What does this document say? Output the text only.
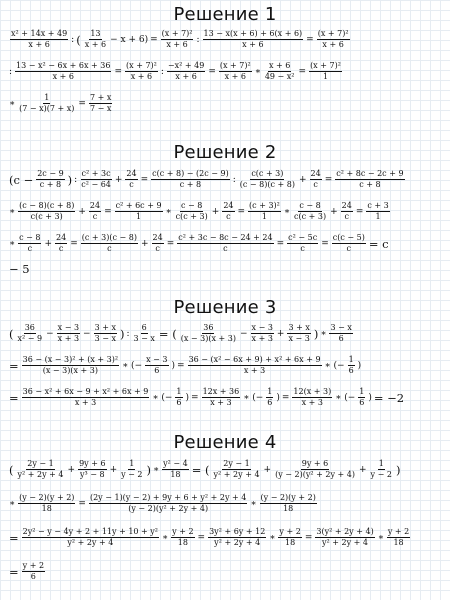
Решение 1
$\frac{\text{x² + 14x + 49}}{x + 6}$ : ( $\frac{13}{x + 6} - x + 6) = \frac{\text{(x + 7)²}}{x + 6}$ : $\frac{13 - x(x + 6) + 6(x + 6)}{x + 6} = \frac{\text{(x + 7)²}}{x + 6}$
: $\frac{\text{13 − x² − 6x + 6x + 36}}{x + 6} = \frac{\text{(x + 7)²}}{x + 6}$ : $\frac{\text{−x² + 49}}{x + 6} = \frac{\text{(x + 7)²}}{x + 6}$ ∗ $\frac{x + 6}{\text{49 − x²}} = \frac{\text{(x + 7)²}}{1}$
∗ $\frac{1}{(7 - x)(7 + x)} = \frac{7 + x}{7 - x}$
Решение 2
($c - \frac{2c - 9}{c + 8}$ ) : $\frac{\text{c² + 3c}}{\text{c² − 64}} + \frac{24}{c} = \frac{c(c + 8) - (2c - 9)}{c + 8}$ : $\frac{c(c + 3)}{(c - 8)(c + 8)} + \frac{24}{c} = \frac{\text{c² + 8c − 2c + 9}}{c + 8}$
∗ $\frac{(c - 8)(c + 8)}{c(c + 3)} + \frac{24}{c} = \frac{\text{c² + 6c + 9}}{1}$ ∗ $\frac{c - 8}{c(c + 3)} + \frac{24}{c} = \frac{\text{(c + 3)²}}{1}$ ∗ $\frac{c - 8}{c(c + 3)} + \frac{24}{c} = \frac{c + 3}{1}$
∗ $\frac{c - 8}{c} + \frac{24}{c} = \frac{(c + 3)(c - 8)}{c} + \frac{24}{c} = \frac{\text{c² + 3c − 8c − 24 + 24}}{c} = \frac{\text{c² − 5c}}{c} = \frac{c(c - 5)}{c} = c$
− 5
Решение 3
( $\frac{36}{\text{x² − 9}} - \frac{x - 3}{x + 3} - \frac{3 + x}{3 - x}$ ) : $\frac{6}{3 - x}$ = ( $\frac{36}{(x - 3)(x + 3)} - \frac{x - 3}{x + 3} + \frac{3 + x}{x - 3}$ ) ∗ $\frac{3 - x}{6}$
= $\frac{\text{36 − (x − 3)² + (x + 3)²}}{(x - 3)(x + 3)}$ ∗ (− $\frac{x - 3}{6}$ ) = $\frac{\text{36 − (x² − 6x + 9) + x² + 6x + 9}}{x + 3}$ ∗ (− $\frac{1}{6}$ )
= $\frac{\text{36 − x² + 6x − 9 + x² + 6x + 9}}{x + 3}$ ∗ (− $\frac{1}{6}$ ) = $\frac{12x + 36}{x + 3}$ ∗ (− $\frac{1}{6}$ ) = $\frac{12(x + 3)}{x + 3}$ ∗ (− $\frac{1}{6}$ ) = −2
Решение 4
( $\frac{2y - 1}{\text{y² + 2y + 4}} + \frac{9y + 6}{\text{y³ − 8}} + \frac{1}{y - 2}$ ) ∗ $\frac{\text{y² − 4}}{18}$ = ( $\frac{2y - 1}{\text{y² + 2y + 4}} + \frac{9y + 6}{\text{(y − 2)(y² + 2y + 4)}} + \frac{1}{y - 2}$ )
∗ $\frac{(y - 2)(y + 2)}{18} = \frac{\text{(2y − 1)(y − 2) + 9y + 6 + y² + 2y + 4}}{\text{(y − 2)(y² + 2y + 4)}}$ ∗ $\frac{(y - 2)(y + 2)}{18}$
= $\frac{\text{2y² − y − 4y + 2 + 11y + 10 + y²}}{\text{y² + 2y + 4}}$ ∗ $\frac{y + 2}{18} = \frac{\text{3y² + 6y + 12}}{\text{y² + 2y + 4}}$ ∗ $\frac{y + 2}{18} = \frac{\text{3(y² + 2y + 4)}}{\text{y² + 2y + 4}}$ ∗ $\frac{y + 2}{18}$
= $\frac{y + 2}{6}$
